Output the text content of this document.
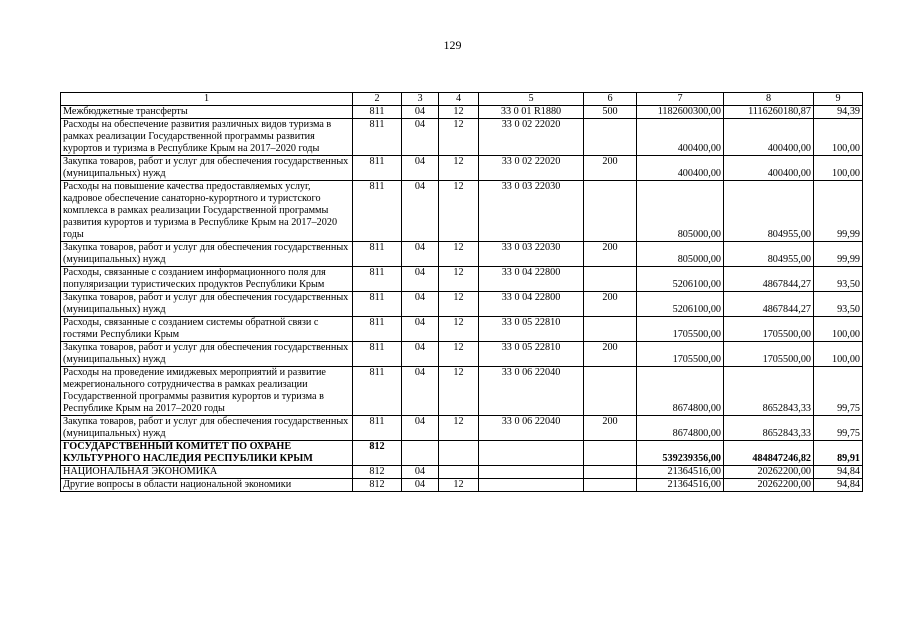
129
1	2	3	4	5	6	7	8	9
Межбюджетные трансферты	811	04	12	33 0 01 R1880	500	1182600300,00	1116260180,87	94,39
Расходы на обеспечение развития различных видов туризма в рамках реализации Государственной программы развития курортов и туризма в Республике Крым на 2017–2020 годы	811	04	12	33 0 02 22020		400400,00	400400,00	100,00
Закупка товаров, работ и услуг для обеспечения государственных (муниципальных) нужд	811	04	12	33 0 02 22020	200	400400,00	400400,00	100,00
Расходы на повышение качества предоставляемых услуг, кадровое обеспечение санаторно-курортного и туристского комплекса в рамках реализации Государственной программы развития курортов и туризма в Республике Крым на 2017–2020 годы	811	04	12	33 0 03 22030		805000,00	804955,00	99,99
Закупка товаров, работ и услуг для обеспечения государственных (муниципальных) нужд	811	04	12	33 0 03 22030	200	805000,00	804955,00	99,99
Расходы, связанные с созданием информационного поля для популяризации туристических продуктов Республики Крым	811	04	12	33 0 04 22800		5206100,00	4867844,27	93,50
Закупка товаров, работ и услуг для обеспечения государственных (муниципальных) нужд	811	04	12	33 0 04 22800	200	5206100,00	4867844,27	93,50
Расходы, связанные с созданием системы обратной связи с гостями Республики Крым	811	04	12	33 0 05 22810		1705500,00	1705500,00	100,00
Закупка товаров, работ и услуг для обеспечения государственных (муниципальных) нужд	811	04	12	33 0 05 22810	200	1705500,00	1705500,00	100,00
Расходы на проведение имиджевых мероприятий и развитие межрегионального сотрудничества в рамках реализации Государственной программы развития курортов и туризма в Республике Крым на 2017–2020 годы	811	04	12	33 0 06 22040		8674800,00	8652843,33	99,75
Закупка товаров, работ и услуг для обеспечения государственных (муниципальных) нужд	811	04	12	33 0 06 22040	200	8674800,00	8652843,33	99,75
ГОСУДАРСТВЕННЫЙ КОМИТЕТ ПО ОХРАНЕ КУЛЬТУРНОГО НАСЛЕДИЯ РЕСПУБЛИКИ КРЫМ	812					539239356,00	484847246,82	89,91
НАЦИОНАЛЬНАЯ ЭКОНОМИКА	812	04				21364516,00	20262200,00	94,84
Другие вопросы в области национальной экономики	812	04	12			21364516,00	20262200,00	94,84
